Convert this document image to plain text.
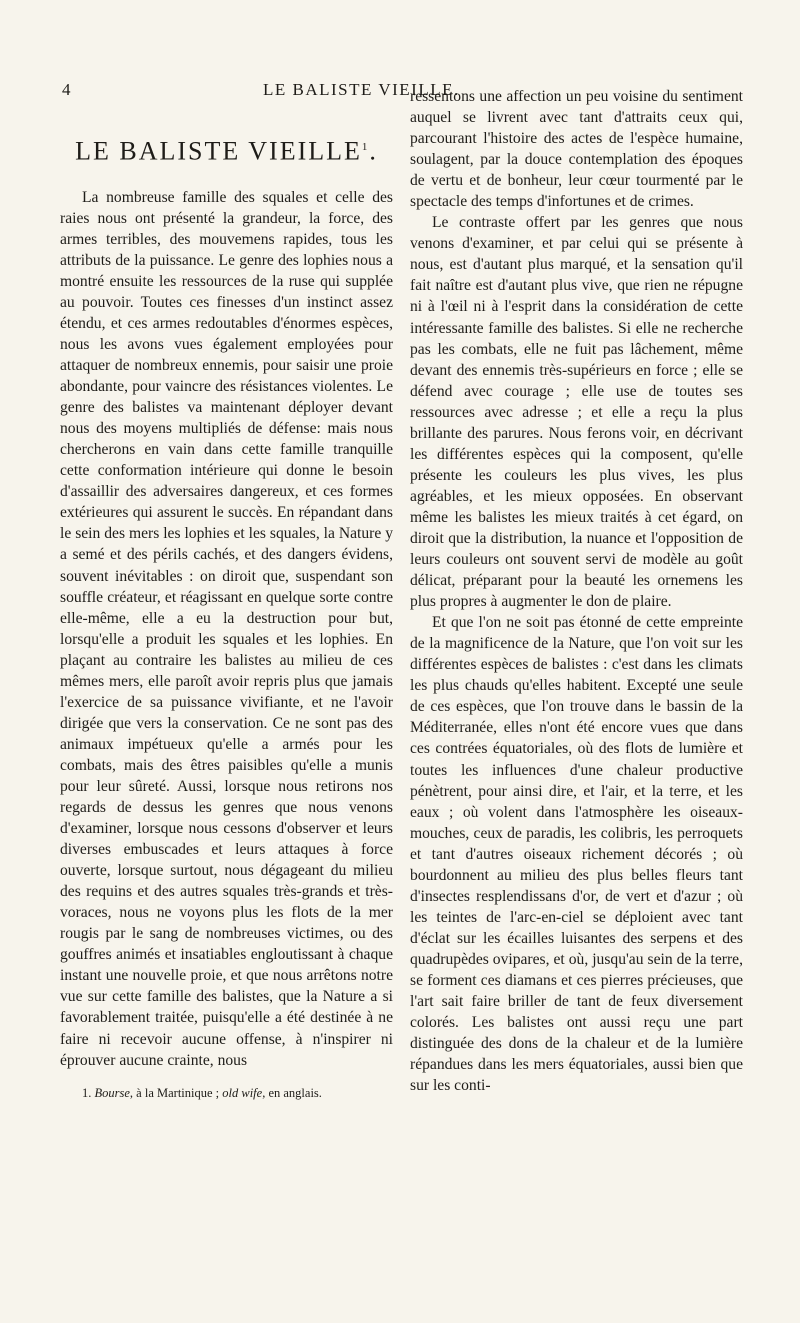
4	LE BALISTE VIEILLE.
LE BALISTE VIEILLE$^1$.

La nombreuse famille des squales et celle des raies nous ont présenté la grandeur, la force, des armes terribles, des mouvemens rapides, tous les attributs de la puissance. Le genre des lophies nous a montré ensuite les ressources de la ruse qui supplée au pouvoir. Toutes ces finesses d'un instinct assez étendu, et ces armes redoutables d'énormes espèces, nous les avons vues également employées pour attaquer de nombreux ennemis, pour saisir une proie abondante, pour vaincre des résistances violentes. Le genre des balistes va maintenant déployer devant nous des moyens multipliés de défense: mais nous chercherons en vain dans cette famille tranquille cette conformation intérieure qui donne le besoin d'assaillir des adversaires dangereux, et ces formes extérieures qui assurent le succès. En répandant dans le sein des mers les lophies et les squales, la Nature y a semé et des périls cachés, et des dangers évidens, souvent inévitables : on diroit que, suspendant son souffle créateur, et réagissant en quelque sorte contre elle-même, elle a eu la destruction pour but, lorsqu'elle a produit les squales et les lophies. En plaçant au contraire les balistes au milieu de ces mêmes mers, elle paroît avoir repris plus que jamais l'exercice de sa puissance vivifiante, et ne l'avoir dirigée que vers la conservation. Ce ne sont pas des animaux impétueux qu'elle a armés pour les combats, mais des êtres paisibles qu'elle a munis pour leur sûreté. Aussi, lorsque nous retirons nos regards de dessus les genres que nous venons d'examiner, lorsque nous cessons d'observer et leurs diverses embuscades et leurs attaques à force ouverte, lorsque surtout, nous dégageant du milieu des requins et des autres squales très-grands et très-voraces, nous ne voyons plus les flots de la mer rougis par le sang de nombreuses victimes, ou des gouffres animés et insatiables engloutissant à chaque instant une nouvelle proie, et que nous arrêtons notre vue sur cette famille des balistes, que la Nature a si favorablement traitée, puisqu'elle a été destinée à ne faire ni recevoir aucune offense, à n'inspirer ni éprouver aucune crainte, nous

1. Bourse, à la Martinique ; old wife, en anglais.

ressentons une affection un peu voisine du sentiment auquel se livrent avec tant d'attraits ceux qui, parcourant l'histoire des actes de l'espèce humaine, soulagent, par la douce contemplation des époques de vertu et de bonheur, leur cœur tourmenté par le spectacle des temps d'infortunes et de crimes.

Le contraste offert par les genres que nous venons d'examiner, et par celui qui se présente à nous, est d'autant plus marqué, et la sensation qu'il fait naître est d'autant plus vive, que rien ne répugne ni à l'œil ni à l'esprit dans la considération de cette intéressante famille des balistes. Si elle ne recherche pas les combats, elle ne fuit pas lâchement, même devant des ennemis très-supérieurs en force ; elle se défend avec courage ; elle use de toutes ses ressources avec adresse ; et elle a reçu la plus brillante des parures. Nous ferons voir, en décrivant les différentes espèces qui la composent, qu'elle présente les couleurs les plus vives, les plus agréables, et les mieux opposées. En observant même les balistes les mieux traités à cet égard, on diroit que la distribution, la nuance et l'opposition de leurs couleurs ont souvent servi de modèle au goût délicat, préparant pour la beauté les ornemens les plus propres à augmenter le don de plaire.

Et que l'on ne soit pas étonné de cette empreinte de la magnificence de la Nature, que l'on voit sur les différentes espèces de balistes : c'est dans les climats les plus chauds qu'elles habitent. Excepté une seule de ces espèces, que l'on trouve dans le bassin de la Méditerranée, elles n'ont été encore vues que dans ces contrées équatoriales, où des flots de lumière et toutes les influences d'une chaleur productive pénètrent, pour ainsi dire, et l'air, et la terre, et les eaux ; où volent dans l'atmosphère les oiseaux-mouches, ceux de paradis, les colibris, les perroquets et tant d'autres oiseaux richement décorés ; où bourdonnent au milieu des plus belles fleurs tant d'insectes resplendissans d'or, de vert et d'azur ; où les teintes de l'arc-en-ciel se déploient avec tant d'éclat sur les écailles luisantes des serpens et des quadrupèdes ovipares, et où, jusqu'au sein de la terre, se forment ces diamans et ces pierres précieuses, que l'art sait faire briller de tant de feux diversement colorés. Les balistes ont aussi reçu une part distinguée des dons de la chaleur et de la lumière répandues dans les mers équatoriales, aussi bien que sur les conti-
